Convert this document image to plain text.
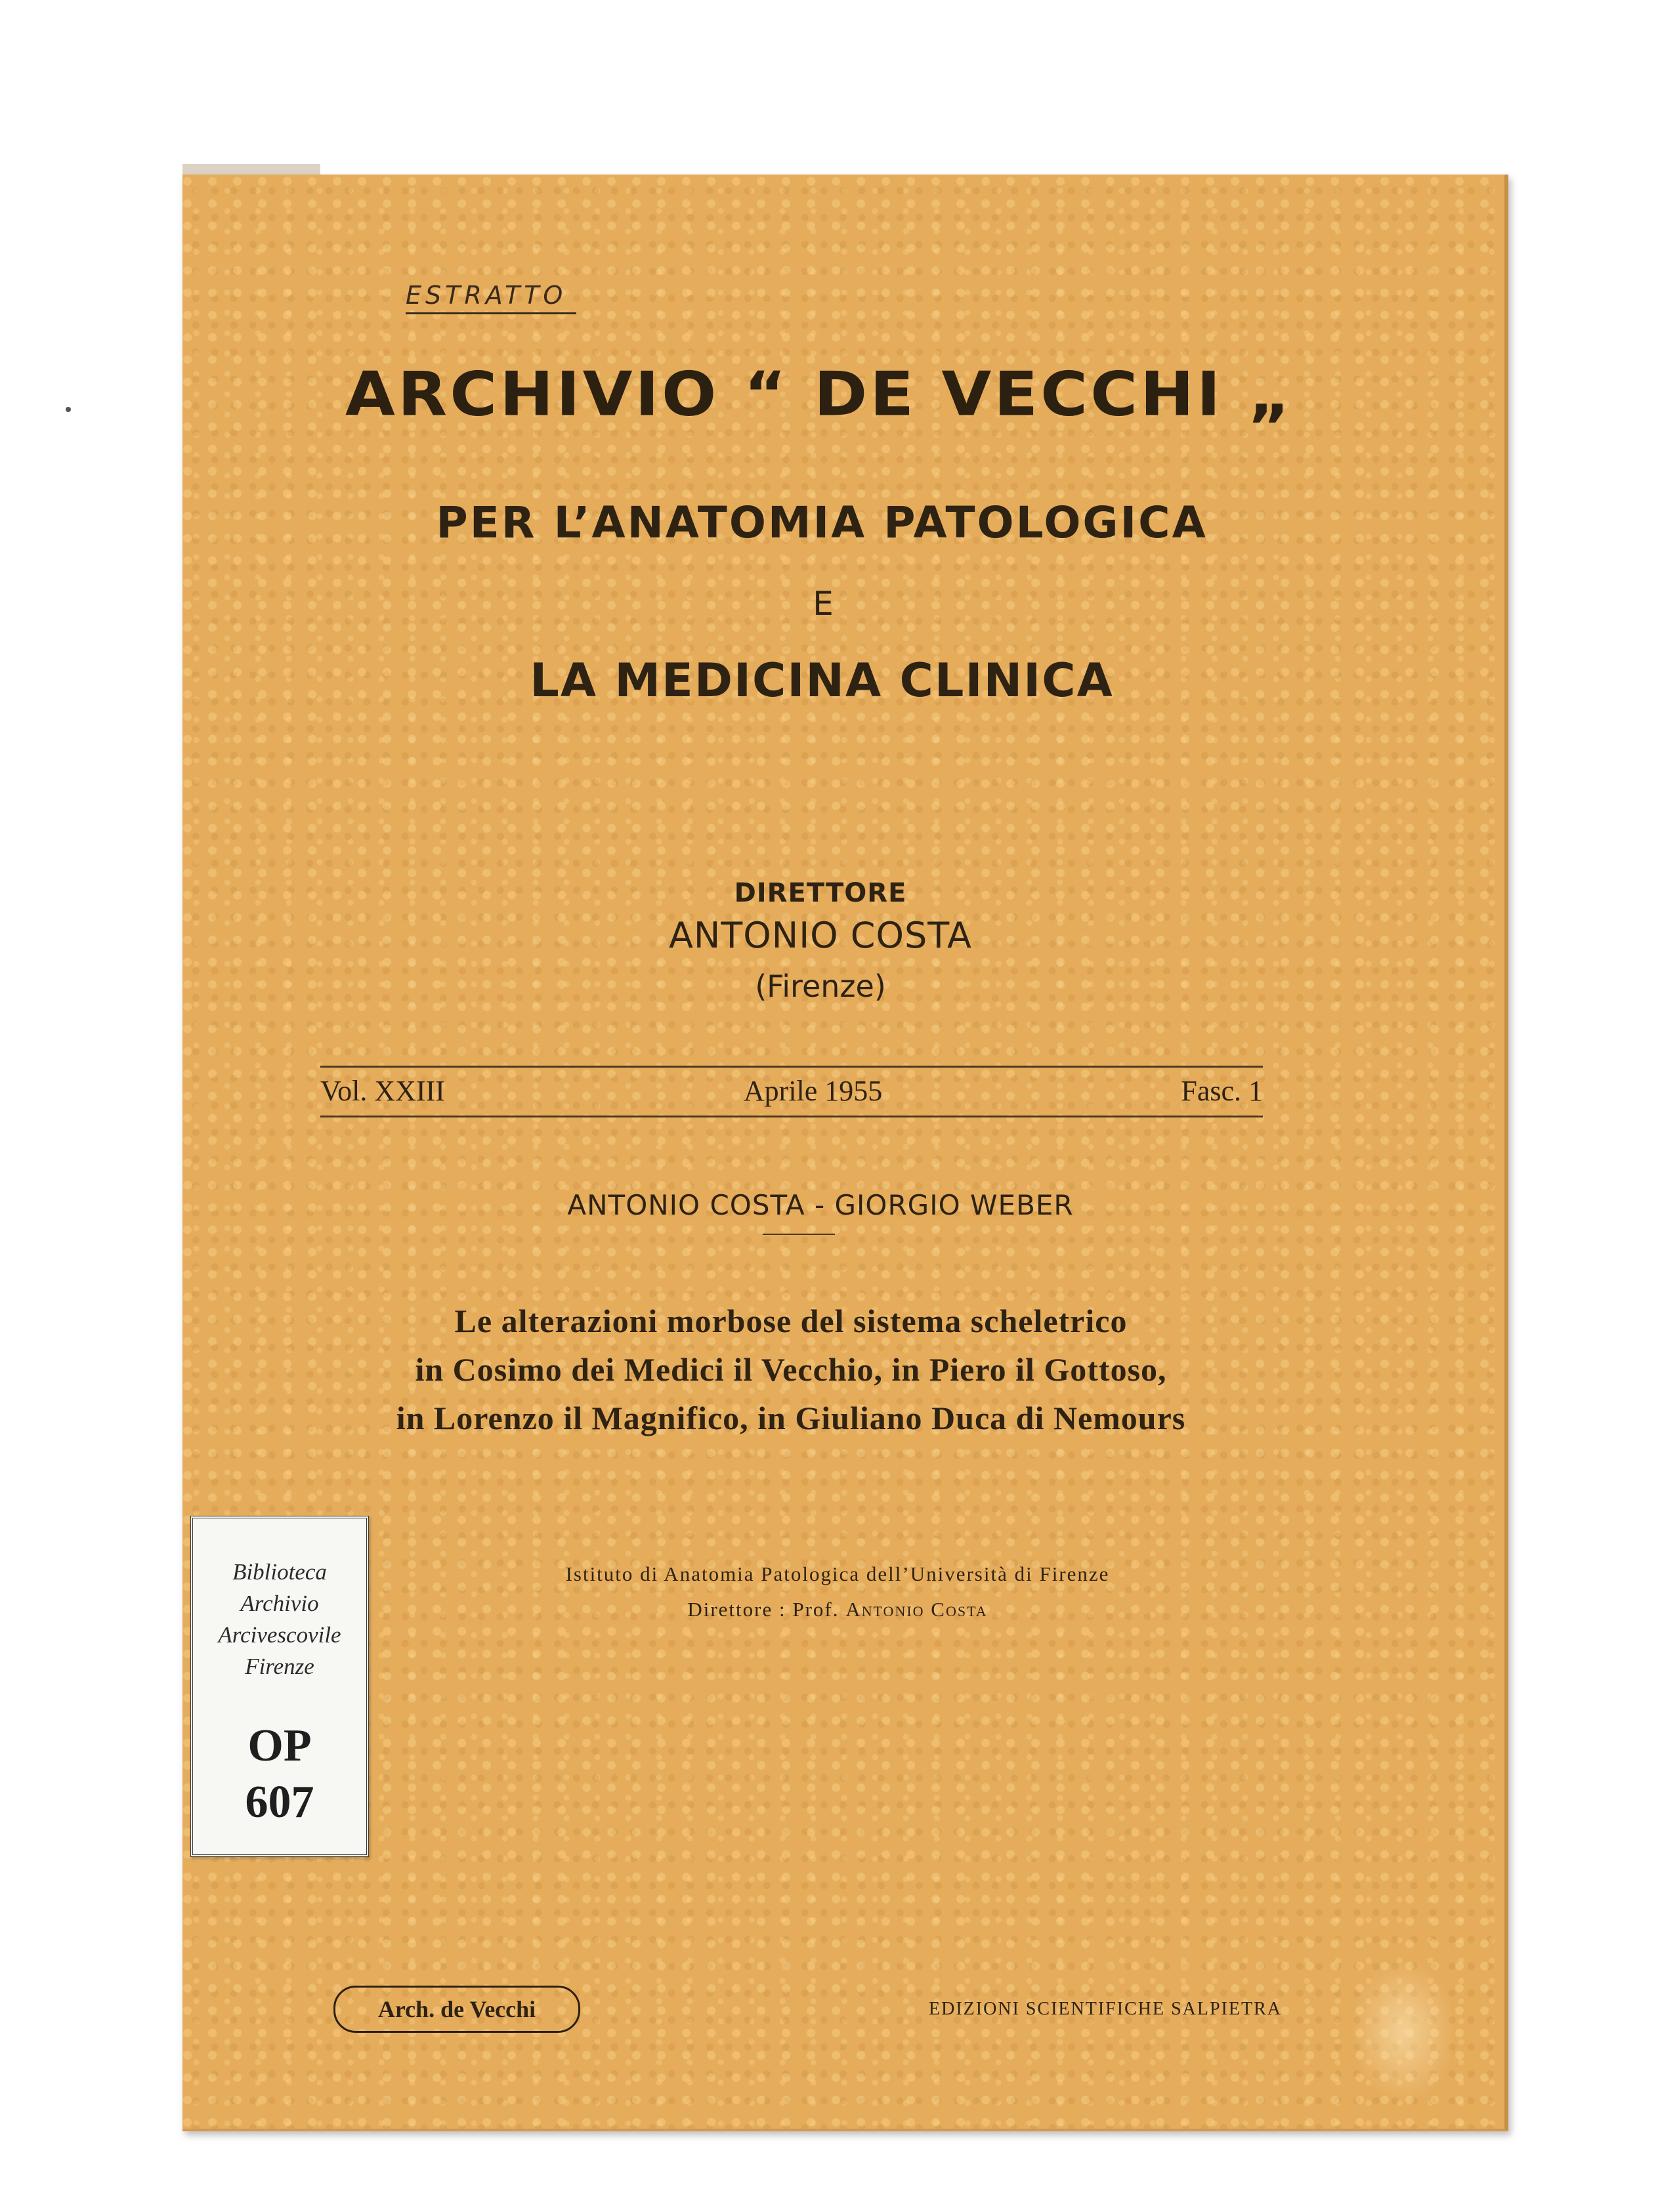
ESTRATTO
ARCHIVIO “ DE VECCHI „
PER L’ANATOMIA PATOLOGICA
E
LA MEDICINA CLINICA
DIRETTORE
ANTONIO COSTA
(Firenze)
Vol. XXIII	Aprile 1955	Fasc. 1
ANTONIO COSTA - GIORGIO WEBER
Le alterazioni morbose del sistema scheletrico
in Cosimo dei Medici il Vecchio, in Piero il Gottoso,
in Lorenzo il Magnifico, in Giuliano Duca di Nemours
Istituto di Anatomia Patologica dell’Università di Firenze
Direttore : Prof. Antonio Costa
Arch. de Vecchi	EDIZIONI SCIENTIFICHE SALPIETRA
Biblioteca
Archivio
Arcivescovile
Firenze
OP
607
